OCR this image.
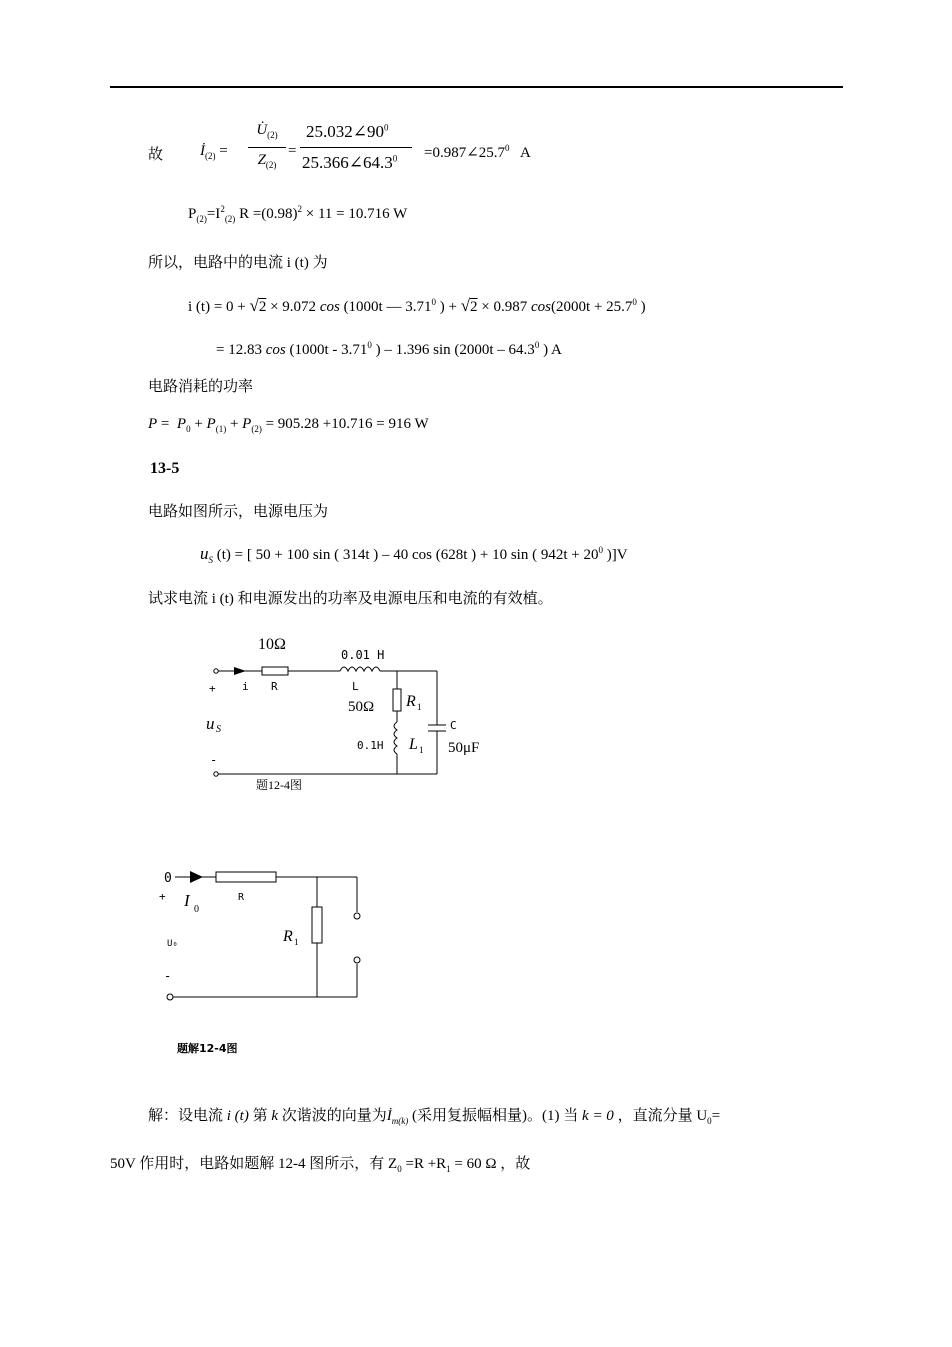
故 $İ_{(2)}$ =
$U̇_{(2)}$
$Z_{(2)}$
=
$25.032\angle 90^0$
$25.366\angle 64.3^0$ $=0.987\angle 25.7^0$ A
$P_{(2)}=I^2_{(2)}$ $R =(0.98)^2 \times 11 = 10.716$ W
所以，电路中的电流 i (t) 为
i (t) = 0 + √2 × 9.072 cos (1000t — 3.71$^0$ ) + √2 × 0.987 $\cos(2000t + 25.7^0$ )
= 12.83 cos (1000t - 3.71$^0$ ) – 1.396 sin (2000t – 64.3$^0$ ) A
电路消耗的功率
$P = P_0 + P_{(1)} + P_{(2)} = 905.28 +10.716 = 916$ W
13-5
电路如图所示，电源电压为
$u_S$ (t) = [ 50 + 100 sin ( 314t ) – 40 cos (628t ) + 10 sin ( $942t + 20^0$ )]V
试求电流 i (t) 和电源发出的功率及电源电压和电流的有效植。
10Ω
0.01 H
+ i R	L
50Ω R 1
C
u S
0.1H L 1 50μF
-
题12-4图
0
+ I 0
R
U₀	R 1
-
题解12-4图
解：设电流 i (t) 第 k 次谐波的向量为$İ_{m(k)}$ (采用复振幅相量)。(1) 当 k = 0 ，直流分量 $U_0=$
50V 作用时，电路如题解 12-4 图所示，有 $Z_0 =R +R_1 = 60$ Ω ，故
